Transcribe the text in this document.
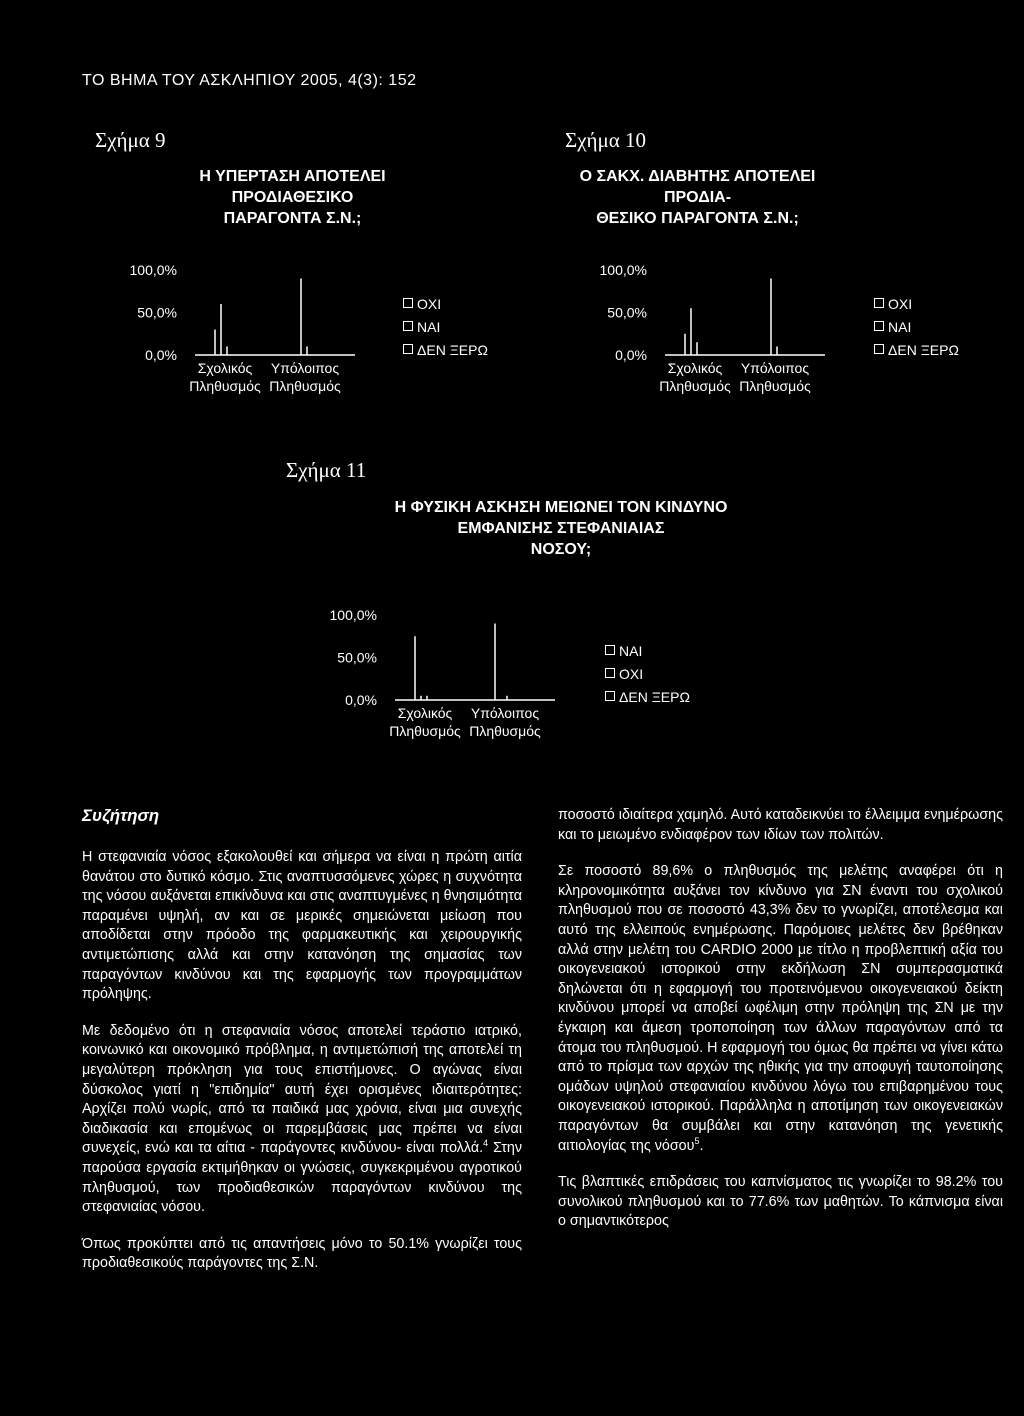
ΤΟ ΒΗΜΑ ΤΟΥ ΑΣΚΛΗΠΙΟΥ 2005, 4(3): 152
Σχήμα 9
Η ΥΠΕΡΤΑΣΗ ΑΠΟΤΕΛΕΙ ΠΡΟΔΙΑΘΕΣΙΚΟ
ΠΑΡΑΓΟΝΤΑ Σ.Ν.;
100,0%
50,0%
0,0%
Σχολικός
Πληθυσμός
Υπόλοιπος
Πληθυσμός
ΟΧΙ
ΝΑΙ
ΔΕΝ ΞΕΡΩ
Σχήμα 10
Ο ΣΑΚΧ. ΔΙΑΒΗΤΗΣ ΑΠΟΤΕΛΕΙ ΠΡΟΔΙΑ-
ΘΕΣΙΚΟ ΠΑΡΑΓΟΝΤΑ Σ.Ν.;
100,0%
50,0%
0,0%
Σχολικός
Πληθυσμός
Υπόλοιπος
Πληθυσμός
ΟΧΙ
ΝΑΙ
ΔΕΝ ΞΕΡΩ
Σχήμα 11
Η ΦΥΣΙΚΗ ΑΣΚΗΣΗ ΜΕΙΩΝΕΙ ΤΟΝ ΚΙΝΔΥΝΟ
ΕΜΦΑΝΙΣΗΣ ΣΤΕΦΑΝΙΑΙΑΣ
ΝΟΣΟΥ;
100,0%
50,0%
0,0%
Σχολικός
Πληθυσμός
Υπόλοιπος
Πληθυσμός
ΝΑΙ
ΟΧΙ
ΔΕΝ ΞΕΡΩ
Συζήτηση

Η στεφανιαία νόσος εξακολουθεί και σήμερα να είναι η πρώτη αιτία θανάτου στο δυτικό κόσμο. Στις αναπτυσσόμενες χώρες η συχνότητα της νόσου αυξάνεται επικίνδυνα και στις αναπτυγμένες η θνησιμότητα παραμένει υψηλή, αν και σε μερικές σημειώνεται μείωση που αποδίδεται στην πρόοδο της φαρμακευτικής και χειρουργικής αντιμετώπισης αλλά και στην κατανόηση της σημασίας των παραγόντων κινδύνου και της εφαρμογής των προγραμμάτων πρόληψης.

Με δεδομένο ότι η στεφανιαία νόσος αποτελεί τεράστιο ιατρικό, κοινωνικό και οικονομικό πρόβλημα, η αντιμετώπισή της αποτελεί τη μεγαλύτερη πρόκληση για τους επιστήμονες. Ο αγώνας είναι δύσκολος γιατί η "επιδημία" αυτή έχει ορισμένες ιδιαιτερότητες: Αρχίζει πολύ νωρίς, από τα παιδικά μας χρόνια, είναι μια συνεχής διαδικασία και επομένως οι παρεμβάσεις μας πρέπει να είναι συνεχείς, ενώ και τα αίτια - παράγοντες κινδύνου- είναι πολλά.$^4$ Στην παρούσα εργασία εκτιμήθηκαν οι γνώσεις, συγκεκριμένου αγροτικού πληθυσμού, των προδιαθεσικών παραγόντων κινδύνου της στεφανιαίας νόσου.

Όπως προκύπτει από τις απαντήσεις μόνο το 50.1% γνωρίζει τους προδιαθεσικούς παράγοντες της Σ.Ν.

ποσοστό ιδιαίτερα χαμηλό. Αυτό καταδεικνύει το έλλειμμα ενημέρωσης και το μειωμένο ενδιαφέρον των ιδίων των πολιτών.

Σε ποσοστό 89,6% ο πληθυσμός της μελέτης αναφέρει ότι η κληρονομικότητα αυξάνει τον κίνδυνο για ΣΝ έναντι του σχολικού πληθυσμού που σε ποσοστό 43,3% δεν το γνωρίζει, αποτέλεσμα και αυτό της ελλειπούς ενημέρωσης. Παρόμοιες μελέτες δεν βρέθηκαν αλλά στην μελέτη του CARDIO 2000 με τίτλο η προβλεπτική αξία του οικογενειακού ιστορικού στην εκδήλωση ΣΝ συμπερασματικά δηλώνεται ότι η εφαρμογή του προτεινόμενου οικογενειακού δείκτη κινδύνου μπορεί να αποβεί ωφέλιμη στην πρόληψη της ΣΝ με την έγκαιρη και άμεση τροποποίηση των άλλων παραγόντων από τα άτομα του πληθυσμού. Η εφαρμογή του όμως θα πρέπει να γίνει κάτω από το πρίσμα των αρχών της ηθικής για την αποφυγή ταυτοποίησης ομάδων υψηλού στεφανιαίου κινδύνου λόγω του επιβαρημένου τους οικογενειακού ιστορικού. Παράλληλα η αποτίμηση των οικογενειακών παραγόντων θα συμβάλει και στην κατανόηση της γενετικής αιτιολογίας της νόσου$^5$.

Τις βλαπτικές επιδράσεις του καπνίσματος τις γνωρίζει το 98.2% του συνολικού πληθυσμού και το 77.6% των μαθητών. Το κάπνισμα είναι ο σημαντικότερος
